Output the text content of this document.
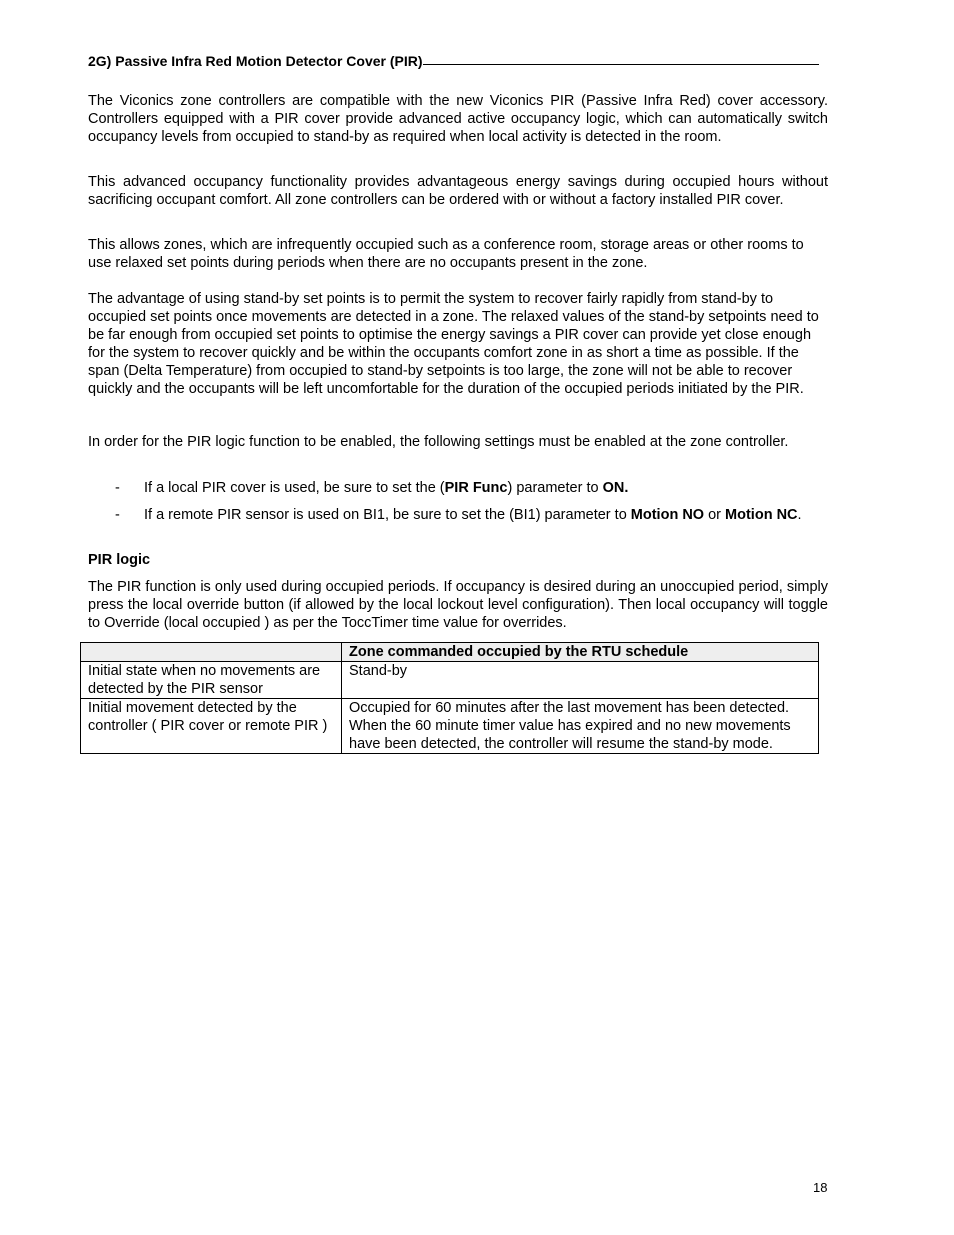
2G) Passive Infra Red Motion Detector Cover (PIR)

The Viconics zone controllers are compatible with the new Viconics PIR (Passive Infra Red) cover accessory. Controllers equipped with a PIR cover provide advanced active occupancy logic, which can automatically switch occupancy levels from occupied to stand-by as required when local activity is detected in the room.

This advanced occupancy functionality provides advantageous energy savings during occupied hours without sacrificing occupant comfort. All zone controllers can be ordered with or without a factory installed PIR cover.

This allows zones, which are infrequently occupied such as a conference room, storage areas or other rooms to use relaxed set points during periods when there are no occupants present in the zone.

The advantage of using stand-by set points is to permit the system to recover fairly rapidly from stand-by to occupied set points once movements are detected in a zone. The relaxed values of the stand-by setpoints need to be far enough from occupied set points to optimise the energy savings a PIR cover can provide yet close enough for the system to recover quickly and be within the occupants comfort zone in as short a time as possible. If the span (Delta Temperature) from occupied to stand-by setpoints is too large, the zone will not be able to recover quickly and the occupants will be left uncomfortable for the duration of the occupied periods initiated by the PIR.

In order for the PIR logic function to be enabled, the following settings must be enabled at the zone controller.

-	If a local PIR cover is used, be sure to set the (PIR Func) parameter to ON.
-	If a remote PIR sensor is used on BI1, be sure to set the (BI1) parameter to Motion NO or Motion NC.

PIR logic

The PIR function is only used during occupied periods. If occupancy is desired during an unoccupied period, simply press the local override button (if allowed by the local lockout level configuration). Then local occupancy will toggle to Override (local occupied ) as per the ToccTimer time value for overrides.

	Zone commanded occupied by the RTU schedule
Initial state when no movements are detected by the PIR sensor	Stand-by
Initial movement detected by the controller ( PIR cover or remote PIR )	Occupied for 60 minutes after the last movement has been detected. When the 60 minute timer value has expired and no new movements have been detected, the controller will resume the stand-by mode.
18
